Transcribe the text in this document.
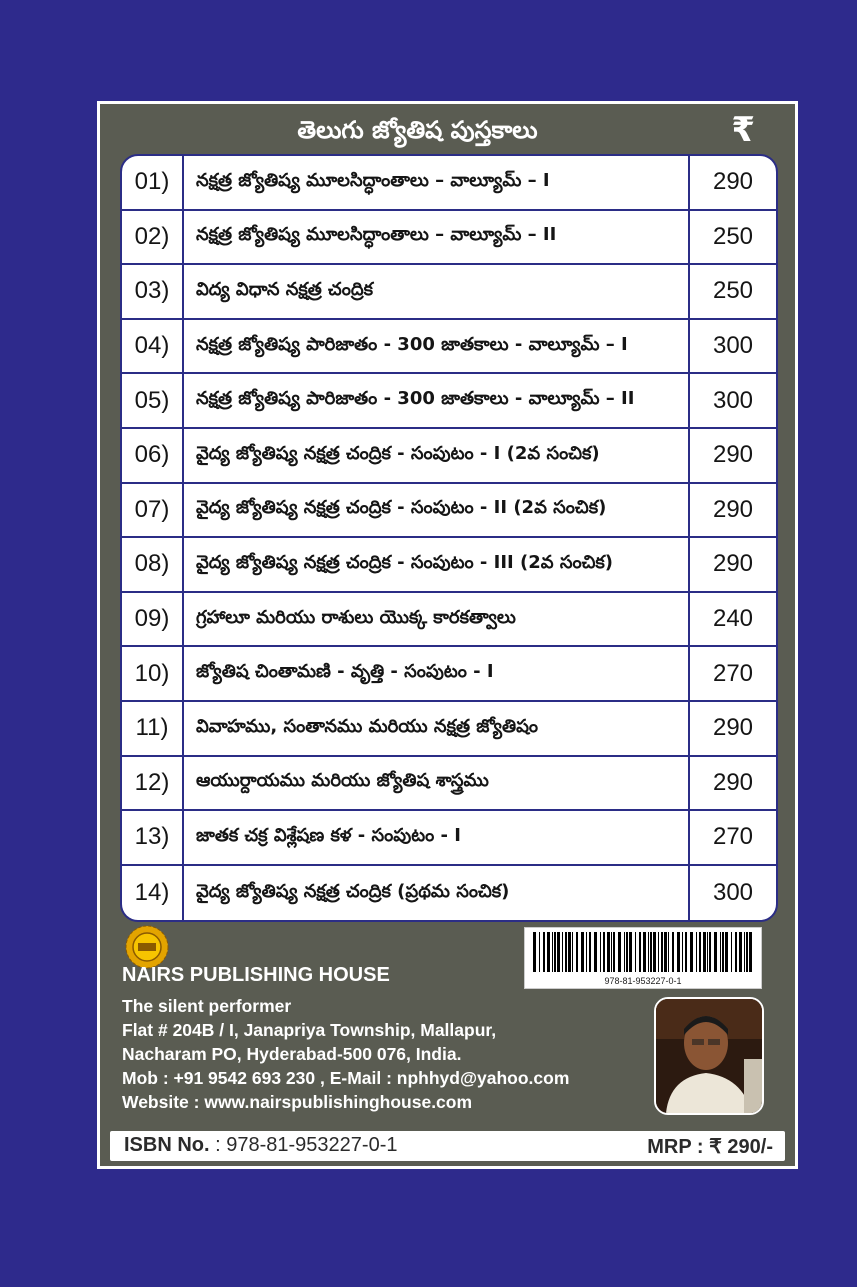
తెలుగు జ్యోతిష పుస్తకాలు	₹
01)	నక్షత్ర జ్యోతిష్య మూలసిద్ధాంతాలు – వాల్యూమ్ – I	290
02)	నక్షత్ర జ్యోతిష్య మూలసిద్ధాంతాలు – వాల్యూమ్ – II	250
03)	విద్య విధాన నక్షత్ర చంద్రిక	250
04)	నక్షత్ర జ్యోతిష్య పారిజాతం - 300 జాతకాలు - వాల్యూమ్ – I	300
05)	నక్షత్ర జ్యోతిష్య పారిజాతం - 300 జాతకాలు - వాల్యూమ్ – II	300
06)	వైద్య జ్యోతిష్య నక్షత్ర చంద్రిక - సంపుటం - I (2వ సంచిక)	290
07)	వైద్య జ్యోతిష్య నక్షత్ర చంద్రిక - సంపుటం - II (2వ సంచిక)	290
08)	వైద్య జ్యోతిష్య నక్షత్ర చంద్రిక - సంపుటం - III (2వ సంచిక)	290
09)	గ్రహాలూ మరియు రాశులు యొక్క కారకత్వాలు	240
10)	జ్యోతిష చింతామణి - వృత్తి - సంపుటం - I	270
11)	వివాహము, సంతానము మరియు నక్షత్ర జ్యోతిషం	290
12)	ఆయుర్దాయము మరియు జ్యోతిష శాస్త్రము	290
13)	జాతక చక్ర విశ్లేషణ కళ - సంపుటం - I	270
14)	వైద్య జ్యోతిష్య నక్షత్ర చంద్రిక (ప్రథమ సంచిక)	300
978-81-953227-0-1
NAIRS PUBLISHING HOUSE
The silent performer
Flat # 204B / I, Janapriya Township, Mallapur,
Nacharam PO, Hyderabad-500 076, India.
Mob : +91 9542 693 230 , E-Mail : nphhyd@yahoo.com
Website : www.nairspublishinghouse.com
ISBN No. : 978-81-953227-0-1	MRP : ₹ 290/-
